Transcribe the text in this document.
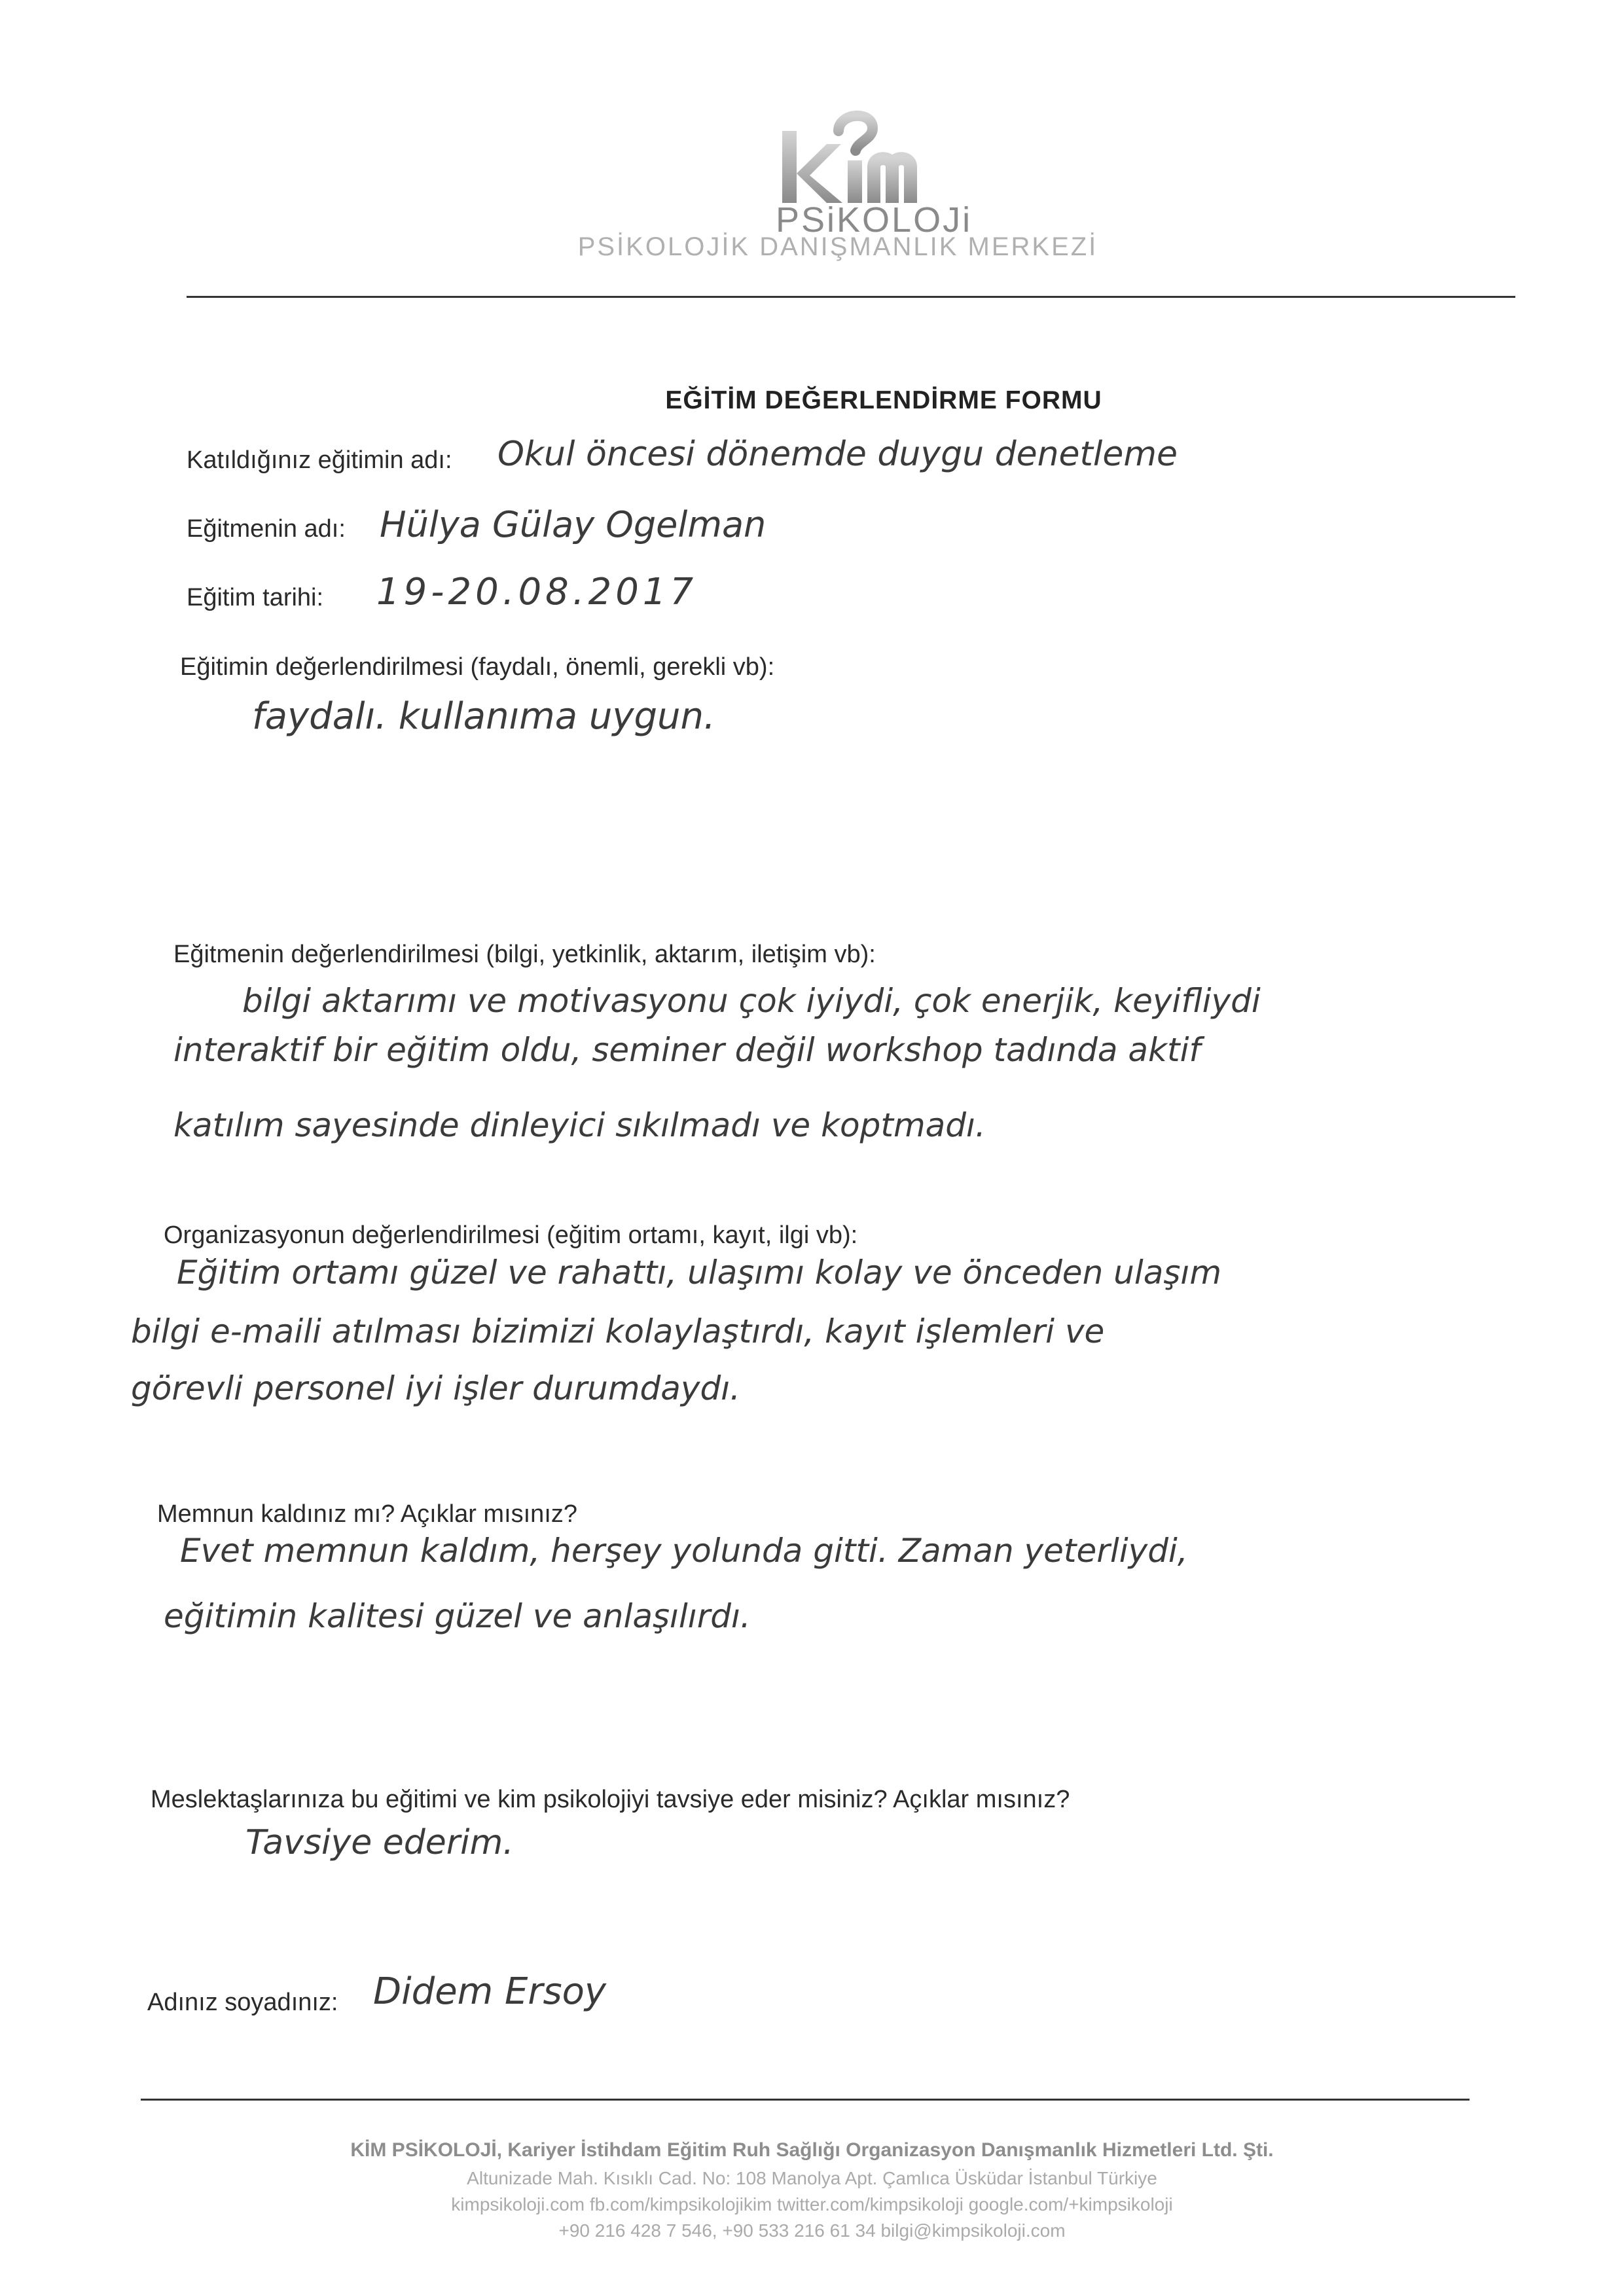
PSiKOLOJi
PSİKOLOJİK DANIŞMANLIK MERKEZİ
EĞİTİM DEĞERLENDİRME FORMU
Katıldığınız eğitimin adı: Okul öncesi dönemde duygu denetleme
Eğitmenin adı: Hülya Gülay Ogelman
Eğitim tarihi: 19-20.08.2017
Eğitimin değerlendirilmesi (faydalı, önemli, gerekli vb):
faydalı. kullanıma uygun.
Eğitmenin değerlendirilmesi (bilgi, yetkinlik, aktarım, iletişim vb):
bilgi aktarımı ve motivasyonu çok iyiydi, çok enerjik, keyifliydi
interaktif bir eğitim oldu, seminer değil workshop tadında aktif
katılım sayesinde dinleyici sıkılmadı ve koptmadı.
Organizasyonun değerlendirilmesi (eğitim ortamı, kayıt, ilgi vb):
Eğitim ortamı güzel ve rahattı, ulaşımı kolay ve önceden ulaşım
bilgi e-maili atılması bizimizi kolaylaştırdı, kayıt işlemleri ve
görevli personel iyi işler durumdaydı.
Memnun kaldınız mı? Açıklar mısınız?
Evet memnun kaldım, herşey yolunda gitti. Zaman yeterliydi,
eğitimin kalitesi güzel ve anlaşılırdı.
Meslektaşlarınıza bu eğitimi ve kim psikolojiyi tavsiye eder misiniz? Açıklar mısınız?
Tavsiye ederim.
Adınız soyadınız: Didem Ersoy
KİM PSİKOLOJİ, Kariyer İstihdam Eğitim Ruh Sağlığı Organizasyon Danışmanlık Hizmetleri Ltd. Şti.
Altunizade Mah. Kısıklı Cad. No: 108 Manolya Apt. Çamlıca Üsküdar İstanbul Türkiye
kimpsikoloji.com fb.com/kimpsikolojikim twitter.com/kimpsikoloji google.com/+kimpsikoloji
+90 216 428 7 546, +90 533 216 61 34 bilgi@kimpsikoloji.com
